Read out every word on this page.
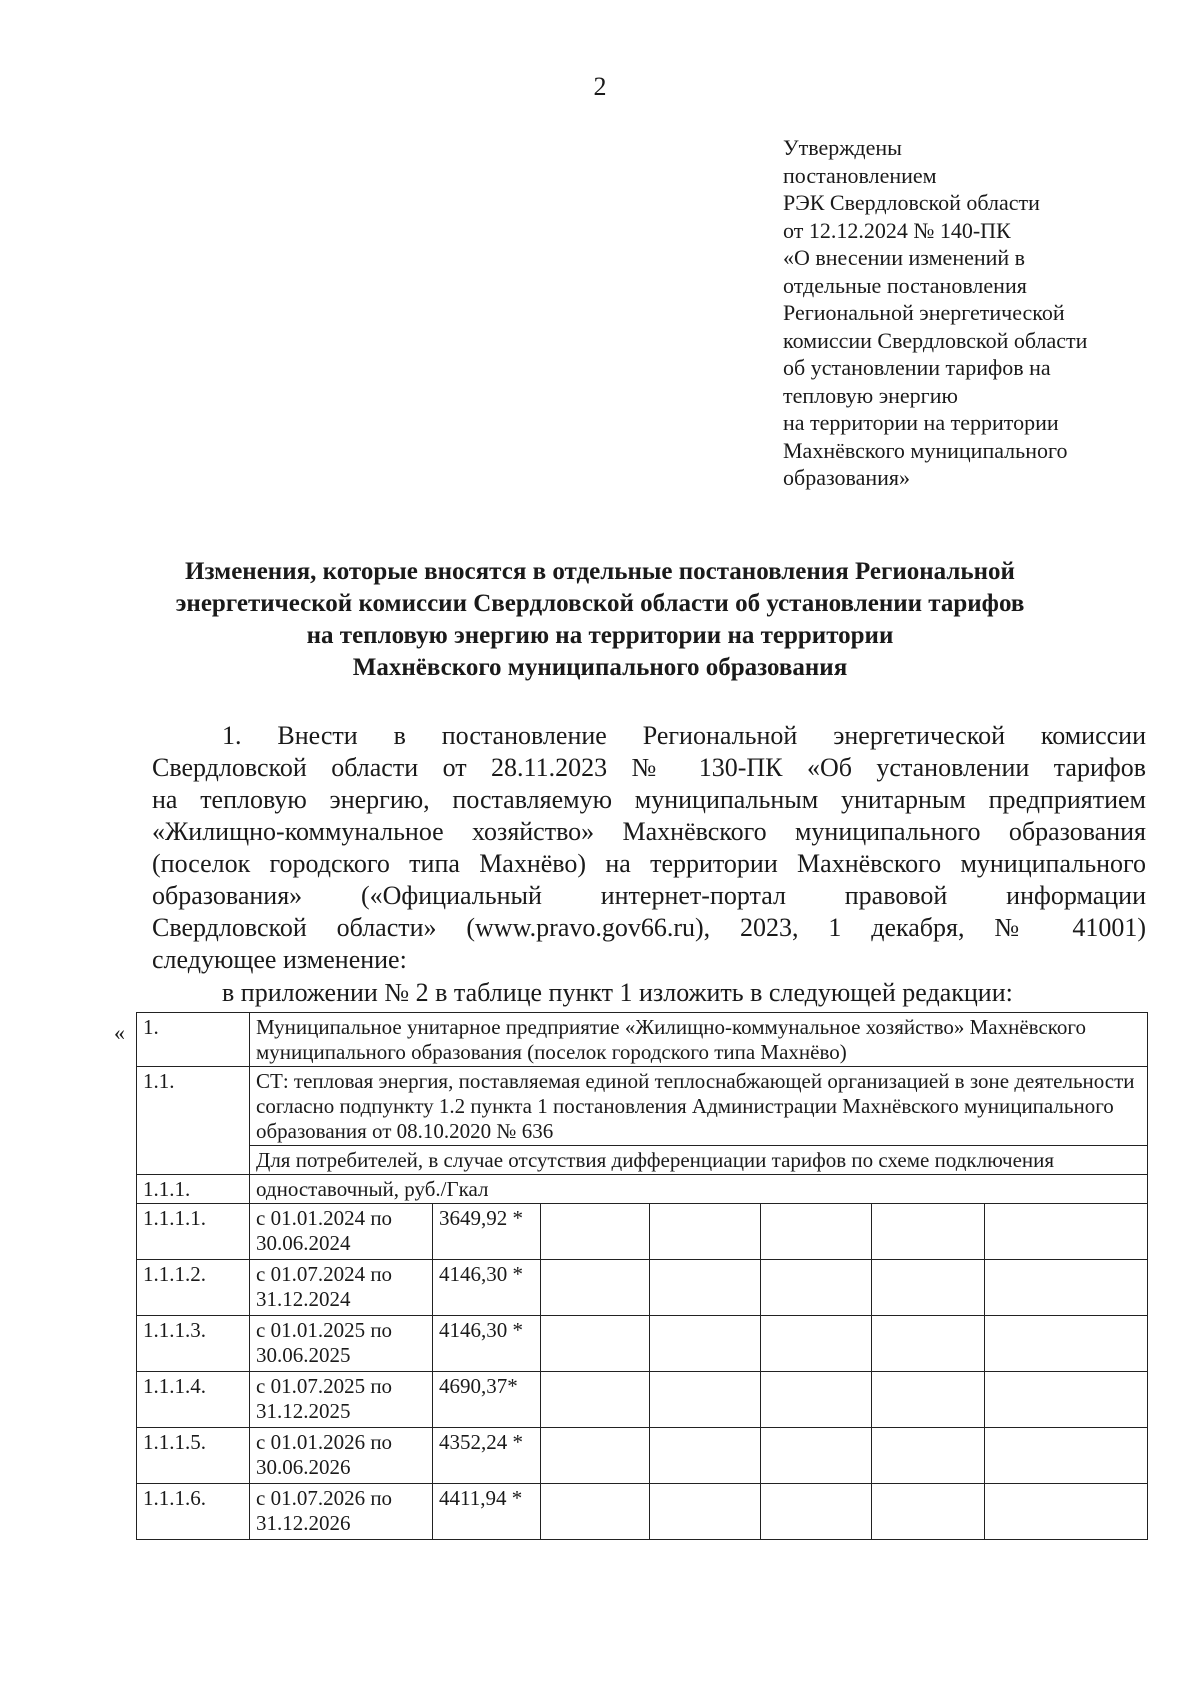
2
Утверждены
постановлением
РЭК Свердловской области
от 12.12.2024 № 140-ПК
«О внесении изменений в
отдельные постановления
Региональной энергетической
комиссии Свердловской области
об установлении тарифов на
тепловую энергию
на территории на территории
Махнёвского муниципального
образования»
Изменения, которые вносятся в отдельные постановления Региональной
энергетической комиссии Свердловской области об установлении тарифов
на тепловую энергию на территории на территории
Махнёвского муниципального образования
1. Внести в постановление Региональной энергетической комиссии
Свердловской области от 28.11.2023 № 130-ПК «Об установлении тарифов
на тепловую энергию, поставляемую муниципальным унитарным предприятием
«Жилищно-коммунальное хозяйство» Махнёвского муниципального образования
(поселок городского типа Махнёво) на территории Махнёвского муниципального
образования» («Официальный интернет-портал правовой информации
Свердловской области» (www.pravo.gov66.ru), 2023, 1 декабря, № 41001)
следующее изменение:
в приложении № 2 в таблице пункт 1 изложить в следующей редакции:
« 1.	Муниципальное унитарное предприятие «Жилищно-коммунальное хозяйство» Махнёвского муниципального образования (поселок городского типа Махнёво)						
1.1.	СТ: тепловая энергия, поставляемая единой теплоснабжающей организацией в зоне деятельности согласно подпункту 1.2 пункта 1 постановления Администрации Махнёвского муниципального образования от 08.10.2020 № 636						
	Для потребителей, в случае отсутствия дифференциации тарифов по схеме подключения						
1.1.1.	одноставочный, руб./Гкал						
1.1.1.1.	с 01.01.2024 по 30.06.2024	3649,92 *					
1.1.1.2.	с 01.07.2024 по 31.12.2024	4146,30 *					
1.1.1.3.	с 01.01.2025 по 30.06.2025	4146,30 *					
1.1.1.4.	с 01.07.2025 по 31.12.2025	4690,37*					
1.1.1.5.	с 01.01.2026 по 30.06.2026	4352,24 *					
1.1.1.6.	с 01.07.2026 по 31.12.2026	4411,94 *					
